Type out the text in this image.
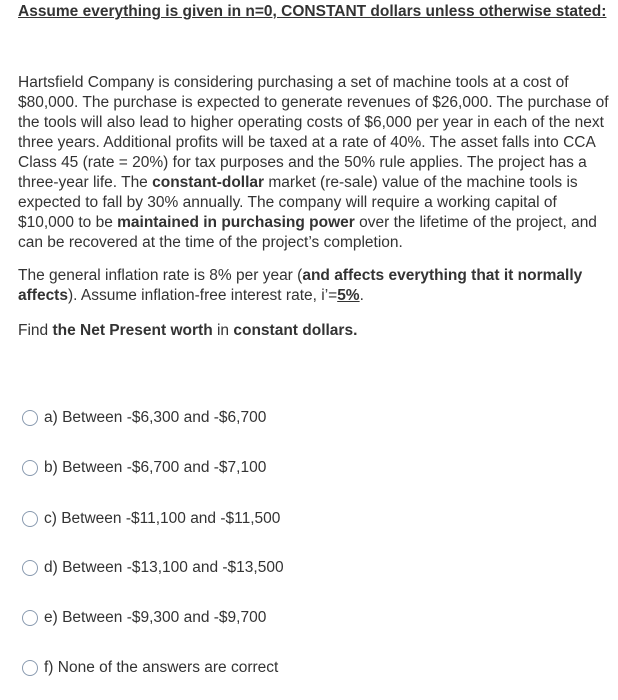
Assume everything is given in n=0, CONSTANT dollars unless otherwise stated:
Hartsfield Company is considering purchasing a set of machine tools at a cost of $80,000. The purchase is expected to generate revenues of $26,000. The purchase of the tools will also lead to higher operating costs of $6,000 per year in each of the next three years. Additional profits will be taxed at a rate of 40%. The asset falls into CCA Class 45 (rate = 20%) for tax purposes and the 50% rule applies. The project has a three-year life. The constant-dollar market (re-sale) value of the machine tools is expected to fall by 30% annually. The company will require a working capital of $10,000 to be maintained in purchasing power over the lifetime of the project, and can be recovered at the time of the project’s completion.
The general inflation rate is 8% per year (and affects everything that it normally affects). Assume inflation-free interest rate, i’=5%.
Find the Net Present worth in constant dollars.
a) Between -$6,300 and -$6,700
b) Between -$6,700 and -$7,100
c) Between -$11,100 and -$11,500
d) Between -$13,100 and -$13,500
e) Between -$9,300 and -$9,700
f) None of the answers are correct
